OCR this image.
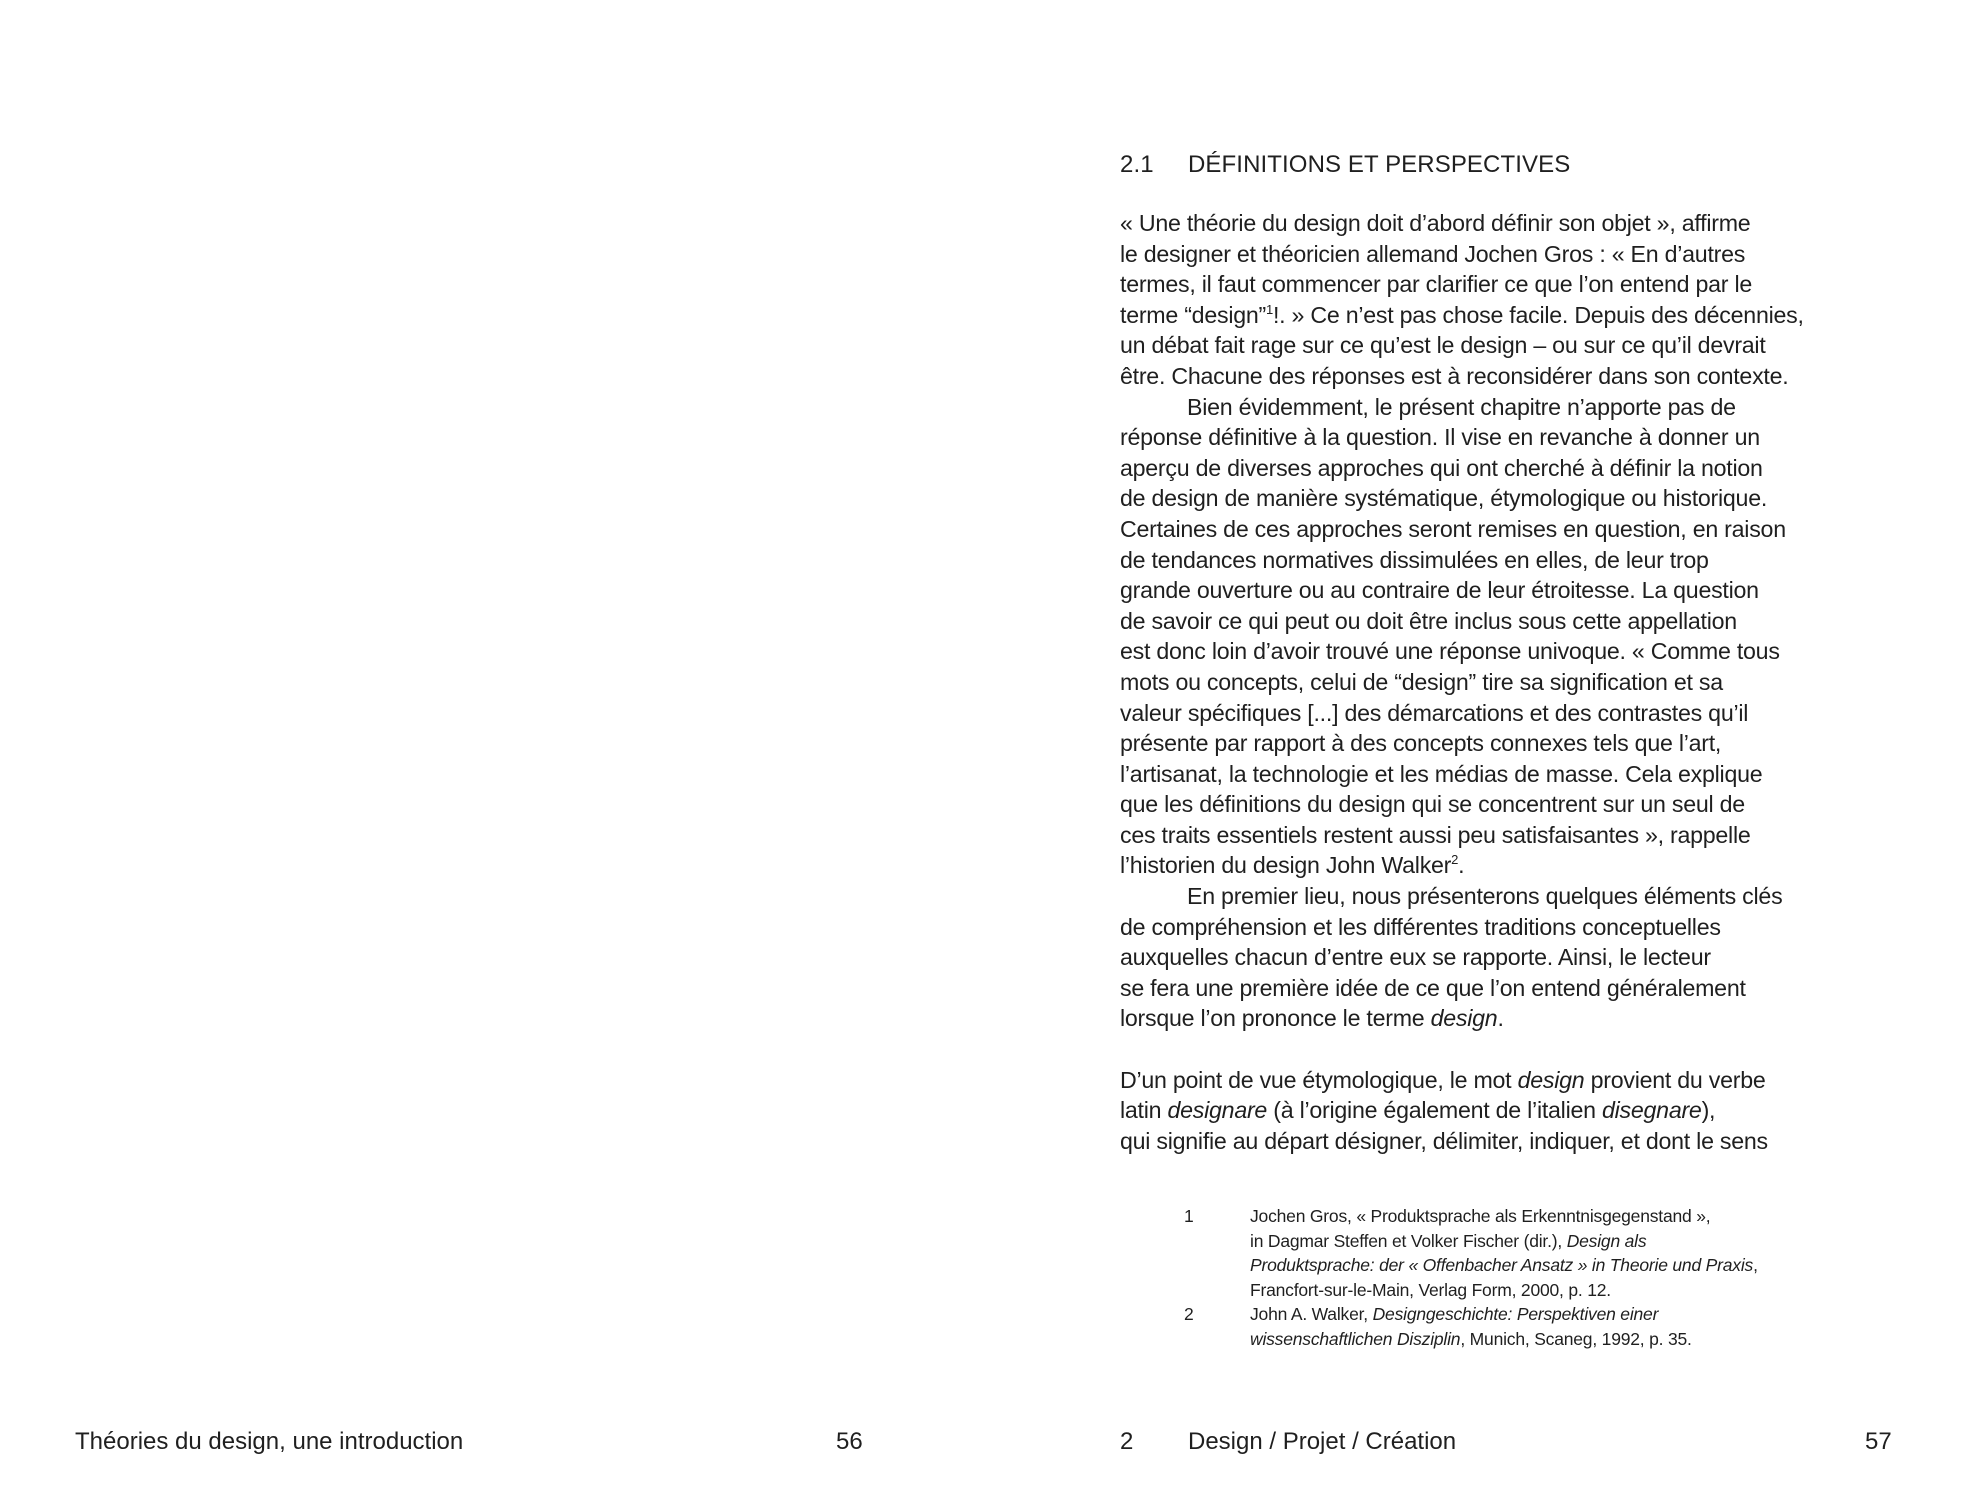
Théories du design, une introduction	56
2.1 DÉFINITIONS ET PERSPECTIVES
« Une théorie du design doit d’abord définir son objet », affirme
le designer et théoricien allemand Jochen Gros : « En d’autres
termes, il faut commencer par clarifier ce que l’on entend par le
terme “design”$^1$!. » Ce n’est pas chose facile. Depuis des décennies,
un débat fait rage sur ce qu’est le design – ou sur ce qu’il devrait
être. Chacune des réponses est à reconsidérer dans son contexte.
Bien évidemment, le présent chapitre n’apporte pas de
réponse définitive à la question. Il vise en revanche à donner un
aperçu de diverses approches qui ont cherché à définir la notion
de design de manière systématique, étymologique ou historique.
Certaines de ces approches seront remises en question, en raison
de tendances normatives dissimulées en elles, de leur trop
grande ouverture ou au contraire de leur étroitesse. La question
de savoir ce qui peut ou doit être inclus sous cette appellation
est donc loin d’avoir trouvé une réponse univoque. « Comme tous
mots ou concepts, celui de “design” tire sa signification et sa
valeur spécifiques [...] des démarcations et des contrastes qu’il
présente par rapport à des concepts connexes tels que l’art,
l’artisanat, la technologie et les médias de masse. Cela explique
que les définitions du design qui se concentrent sur un seul de
ces traits essentiels restent aussi peu satisfaisantes », rappelle
l’historien du design John Walker$^2$.
En premier lieu, nous présenterons quelques éléments clés
de compréhension et les différentes traditions conceptuelles
auxquelles chacun d’entre eux se rapporte. Ainsi, le lecteur
se fera une première idée de ce que l’on entend généralement
lorsque l’on prononce le terme design.
D’un point de vue étymologique, le mot design provient du verbe
latin designare (à l’origine également de l’italien disegnare),
qui signifie au départ désigner, délimiter, indiquer, et dont le sens
1	Jochen Gros, « Produktsprache als Erkenntnisgegenstand »,
in Dagmar Steffen et Volker Fischer (dir.), Design als
Produktsprache: der « Offenbacher Ansatz » in Theorie und Praxis,
Francfort-sur-le-Main, Verlag Form, 2000, p. 12.
2	John A. Walker, Designgeschichte: Perspektiven einer
wissenschaftlichen Disziplin, Munich, Scaneg, 1992, p. 35.
2 Design / Projet / Création	57
